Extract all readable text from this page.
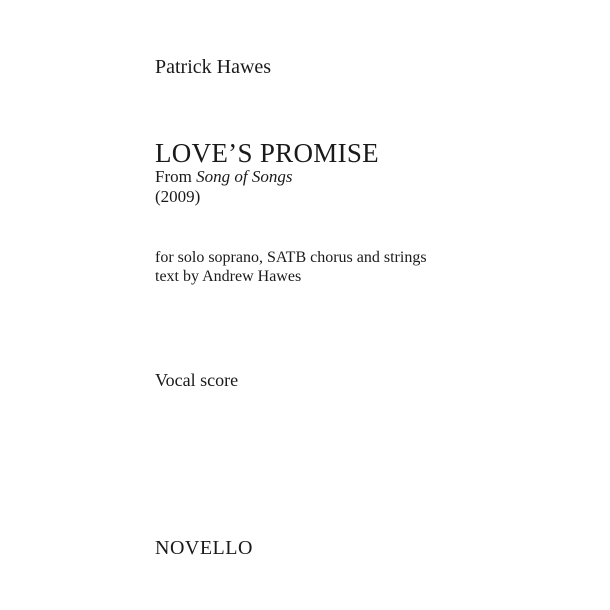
Patrick Hawes
LOVE’S PROMISE
From Song of Songs
(2009)
for solo soprano, SATB chorus and strings
text by Andrew Hawes
Vocal score
NOVELLO
